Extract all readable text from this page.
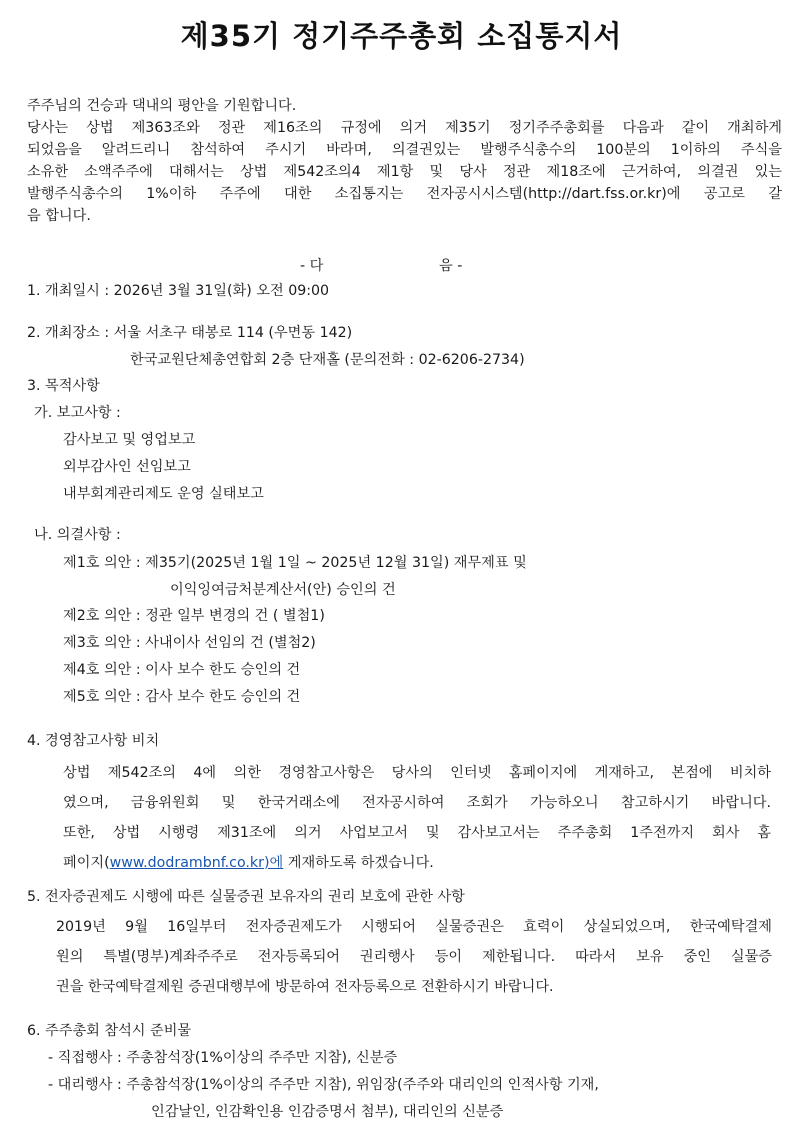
제35기 정기주주총회 소집통지서
주주님의 건승과 댁내의 평안을 기원합니다.
당사는 상법 제363조와 정관 제16조의 규정에 의거 제35기 정기주주총회를 다음과 같이 개최하게
되었음을 알려드리니 참석하여 주시기 바라며, 의결권있는 발행주식총수의 100분의 1이하의 주식을
소유한 소액주주에 대해서는 상법 제542조의4 제1항 및 당사 정관 제18조에 근거하여, 의결권 있는
발행주식총수의 1%이하 주주에 대한 소집통지는 전자공시시스템(http://dart.fss.or.kr)에 공고로 갈
음 합니다.
- 다	음 -
1. 개최일시 : 2026년 3월 31일(화) 오전 09:00
2. 개최장소 : 서울 서초구 태봉로 114 (우면동 142)
한국교원단체총연합회 2층 단재홀 (문의전화 : 02-6206-2734)
3. 목적사항
가. 보고사항 :
감사보고 및 영업보고
외부감사인 선임보고
내부회계관리제도 운영 실태보고
나. 의결사항 :
제1호 의안 : 제35기(2025년 1월 1일 ~ 2025년 12월 31일) 재무제표 및
이익잉여금처분계산서(안) 승인의 건
제2호 의안 : 정관 일부 변경의 건 ( 별첨1)
제3호 의안 : 사내이사 선임의 건 (별첨2)
제4호 의안 : 이사 보수 한도 승인의 건
제5호 의안 : 감사 보수 한도 승인의 건
4. 경영참고사항 비치
상법 제542조의 4에 의한 경영참고사항은 당사의 인터넷 홈페이지에 게재하고, 본점에 비치하
였으며, 금융위원회 및 한국거래소에 전자공시하여 조회가 가능하오니 참고하시기 바랍니다.
또한, 상법 시행령 제31조에 의거 사업보고서 및 감사보고서는 주주총회 1주전까지 회사 홈
페이지(www.dodrambnf.co.kr)에 게재하도록 하겠습니다.
5. 전자증권제도 시행에 따른 실물증권 보유자의 권리 보호에 관한 사항
2019년 9월 16일부터 전자증권제도가 시행되어 실물증권은 효력이 상실되었으며, 한국예탁결제
원의 특별(명부)계좌주주로 전자등록되어 권리행사 등이 제한됩니다. 따라서 보유 중인 실물증
권을 한국예탁결제원 증권대행부에 방문하여 전자등록으로 전환하시기 바랍니다.
6. 주주총회 참석시 준비물
- 직접행사 : 주총참석장(1%이상의 주주만 지참), 신분증
- 대리행사 : 주총참석장(1%이상의 주주만 지참), 위임장(주주와 대리인의 인적사항 기재,
인감날인, 인감확인용 인감증명서 첨부), 대리인의 신분증
